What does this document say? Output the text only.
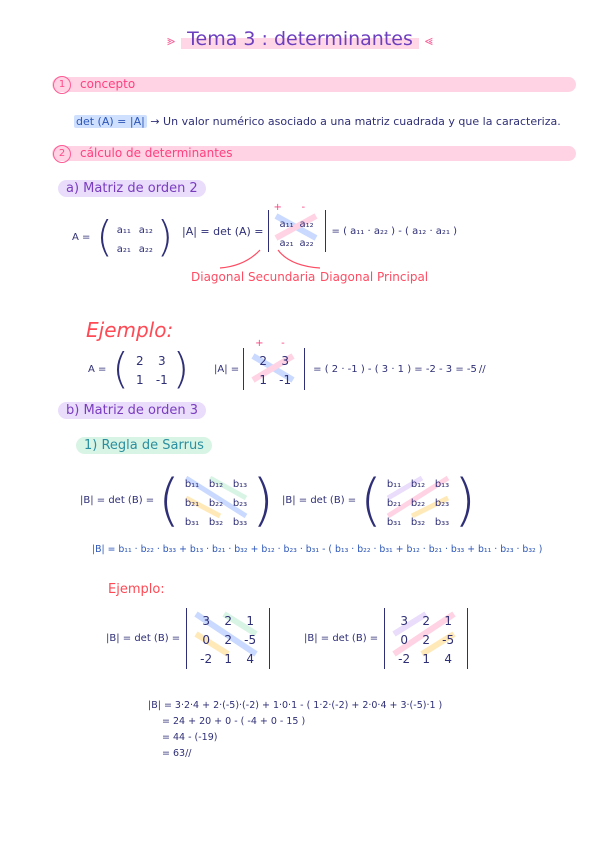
⪢ Tema 3 : determinantes ⪡
1	concepto
det (A) = |A| → Un valor numérico asociado a una matriz cuadrada y que la caracteriza.
2	cálculo de determinantes
a) Matriz de orden 2
A = ( a₁₁ a₁₂
a₂₁ a₂₂ ) |A| = det (A) =
+ -
a₁₁ a₁₂
a₂₁ a₂₂
= ( a₁₁ · a₂₂ ) - ( a₁₂ · a₂₁ )
Diagonal Secundaria Diagonal Principal
Ejemplo:
A = ( 2 3
1 -1 ) |A| =
+ -
2 3
1 -1
= ( 2 · -1 ) - ( 3 · 1 ) = -2 - 3 = -5 //
b) Matriz de orden 3
1) Regla de Sarrus
|B| = det (B) = ( b₁₁ b₁₂ b₁₃
b₂₁ b₂₂ b₂₃
b₃₁ b₃₂ b₃₃ ) |B| = det (B) = ( b₁₁ b₁₂ b₁₃
b₂₁ b₂₂ b₂₃
b₃₁ b₃₂ b₃₃ )
|B| = b₁₁ · b₂₂ · b₃₃ + b₁₃ · b₂₁ · b₃₂ + b₁₂ · b₂₃ · b₃₁ - ( b₁₃ · b₂₂ · b₃₁ + b₁₂ · b₂₁ · b₃₃ + b₁₁ · b₂₃ · b₃₂ )
Ejemplo:
|B| = det (B) =
3 2 1
0 2 -5
-2 1 4
|B| = det (B) =
3 2 1
0 2 -5
-2 1 4
|B| = 3·2·4 + 2·(-5)·(-2) + 1·0·1 - ( 1·2·(-2) + 2·0·4 + 3·(-5)·1 )
= 24 + 20 + 0 - ( -4 + 0 - 15 )
= 44 - (-19)
= 63//
